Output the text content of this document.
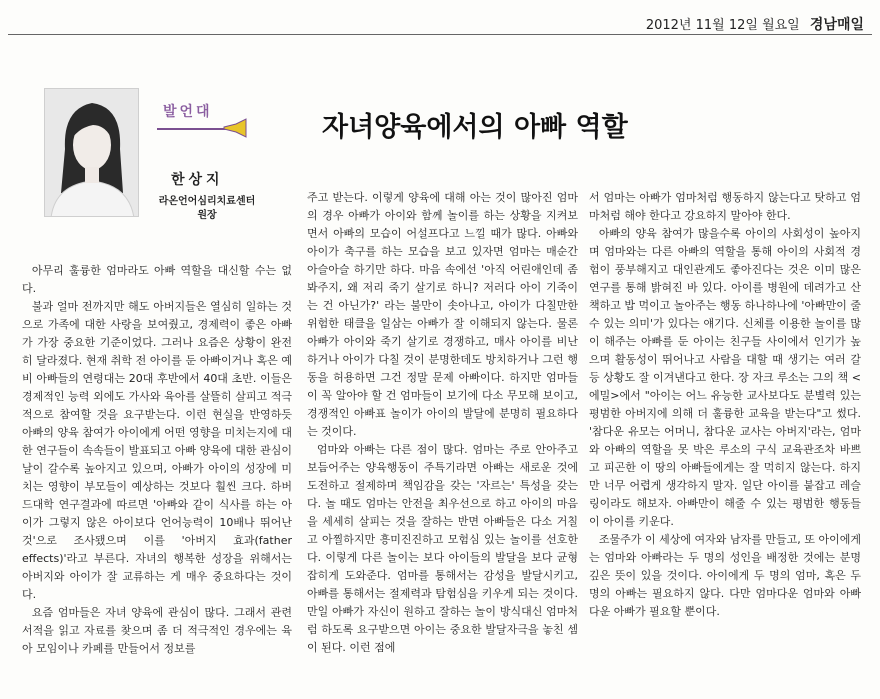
2012년 11월 12일 월요일 경남매일
발언대
한상지
라온언어심리치료센터
원장
자녀양육에서의 아빠 역할

아무리 훌륭한 엄마라도 아빠 역할을 대신할 수는 없다.

불과 얼마 전까지만 해도 아버지들은 열심히 일하는 것으로 가족에 대한 사랑을 보여줬고, 경제력이 좋은 아빠가 가장 중요한 기준이었다. 그러나 요즘은 상황이 완전히 달라졌다. 현재 취학 전 아이를 둔 아빠이거나 혹은 예비 아빠들의 연령대는 20대 후반에서 40대 초반. 이들은 경제적인 능력 외에도 가사와 육아를 살뜰히 살피고 적극적으로 참여할 것을 요구받는다. 이런 현실을 반영하듯 아빠의 양육 참여가 아이에게 어떤 영향을 미치는지에 대한 연구들이 속속들이 발표되고 아빠 양육에 대한 관심이 날이 갈수록 높아지고 있으며, 아빠가 아이의 성장에 미치는 영향이 부모들이 예상하는 것보다 훨씬 크다. 하버드대학 연구결과에 따르면 '아빠와 같이 식사를 하는 아이가 그렇지 않은 아이보다 언어능력이 10배나 뛰어난 것'으로 조사됐으며 이를 '아버지 효과(father effects)'라고 부른다. 자녀의 행복한 성장을 위해서는 아버지와 아이가 잘 교류하는 게 매우 중요하다는 것이다.

요즘 엄마들은 자녀 양육에 관심이 많다. 그래서 관련 서적을 읽고 자료를 찾으며 좀 더 적극적인 경우에는 육아 모임이나 카페를 만들어서 정보를

주고 받는다. 이렇게 양육에 대해 아는 것이 많아진 엄마의 경우 아빠가 아이와 함께 놀이를 하는 상황을 지켜보면서 아빠의 모습이 어설프다고 느낄 때가 많다. 아빠와 아이가 축구를 하는 모습을 보고 있자면 엄마는 매순간 아슬아슬 하기만 하다. 마음 속에선 '아직 어린애인데 좀 봐주지, 왜 저리 죽기 살기로 하니? 저러다 아이 기죽이는 건 아닌가?' 라는 불만이 솟아나고, 아이가 다칠만한 위험한 태클을 일삼는 아빠가 잘 이해되지 않는다. 물론 아빠가 아이와 죽기 살기로 경쟁하고, 매사 아이를 비난하거나 아이가 다칠 것이 분명한데도 방치하거나 그런 행동을 허용하면 그건 정말 문제 아빠이다. 하지만 엄마들이 꼭 알아야 할 건 엄마들이 보기에 다소 무모해 보이고, 경쟁적인 아빠표 놀이가 아이의 발달에 분명히 필요하다는 것이다.

엄마와 아빠는 다른 점이 많다. 엄마는 주로 안아주고 보듬어주는 양육행동이 주특기라면 아빠는 새로운 것에 도전하고 절제하며 책임감을 갖는 '자르는' 특성을 갖는다. 놀 때도 엄마는 안전을 최우선으로 하고 아이의 마음을 세세히 살피는 것을 잘하는 반면 아빠들은 다소 거칠고 아찔하지만 흥미진진하고 모험심 있는 놀이를 선호한다. 이렇게 다른 놀이는 보다 아이들의 발달을 보다 균형잡히게 도와준다. 엄마를 통해서는 감성을 발달시키고, 아빠를 통해서는 절제력과 탐험심을 키우게 되는 것이다. 만일 아빠가 자신이 원하고 잘하는 놀이 방식대신 엄마처럼 하도록 요구받으면 아이는 중요한 발달자극을 놓친 셈이 된다. 이런 점에

서 엄마는 아빠가 엄마처럼 행동하지 않는다고 탓하고 엄마처럼 해야 한다고 강요하지 말아야 한다.

아빠의 양육 참여가 많을수록 아이의 사회성이 높아지며 엄마와는 다른 아빠의 역할을 통해 아이의 사회적 경험이 풍부해지고 대인관계도 좋아진다는 것은 이미 많은 연구를 통해 밝혀진 바 있다. 아이를 병원에 데려가고 산책하고 밥 먹이고 놀아주는 행동 하나하나에 '아빠만이 줄 수 있는 의미'가 있다는 얘기다. 신체를 이용한 놀이를 많이 해주는 아빠를 둔 아이는 친구들 사이에서 인기가 높으며 활동성이 뛰어나고 사람을 대할 때 생기는 여러 갈등 상황도 잘 이겨낸다고 한다. 장 자크 루소는 그의 책 <에밀>에서 "아이는 어느 유능한 교사보다도 분별력 있는 평범한 아버지에 의해 더 훌륭한 교육을 받는다"고 썼다. '참다운 유모는 어머니, 참다운 교사는 아버지'라는, 엄마와 아빠의 역할을 못 박은 루소의 구식 교육관조차 바쁘고 피곤한 이 땅의 아빠들에게는 잘 먹히지 않는다. 하지만 너무 어렵게 생각하지 말자. 일단 아이를 붙잡고 레슬링이라도 해보자. 아빠만이 해줄 수 있는 평범한 행동들이 아이를 키운다.

조물주가 이 세상에 여자와 남자를 만들고, 또 아이에게는 엄마와 아빠라는 두 명의 성인을 배정한 것에는 분명 깊은 뜻이 있을 것이다. 아이에게 두 명의 엄마, 혹은 두 명의 아빠는 필요하지 않다. 다만 엄마다운 엄마와 아빠다운 아빠가 필요할 뿐이다.
